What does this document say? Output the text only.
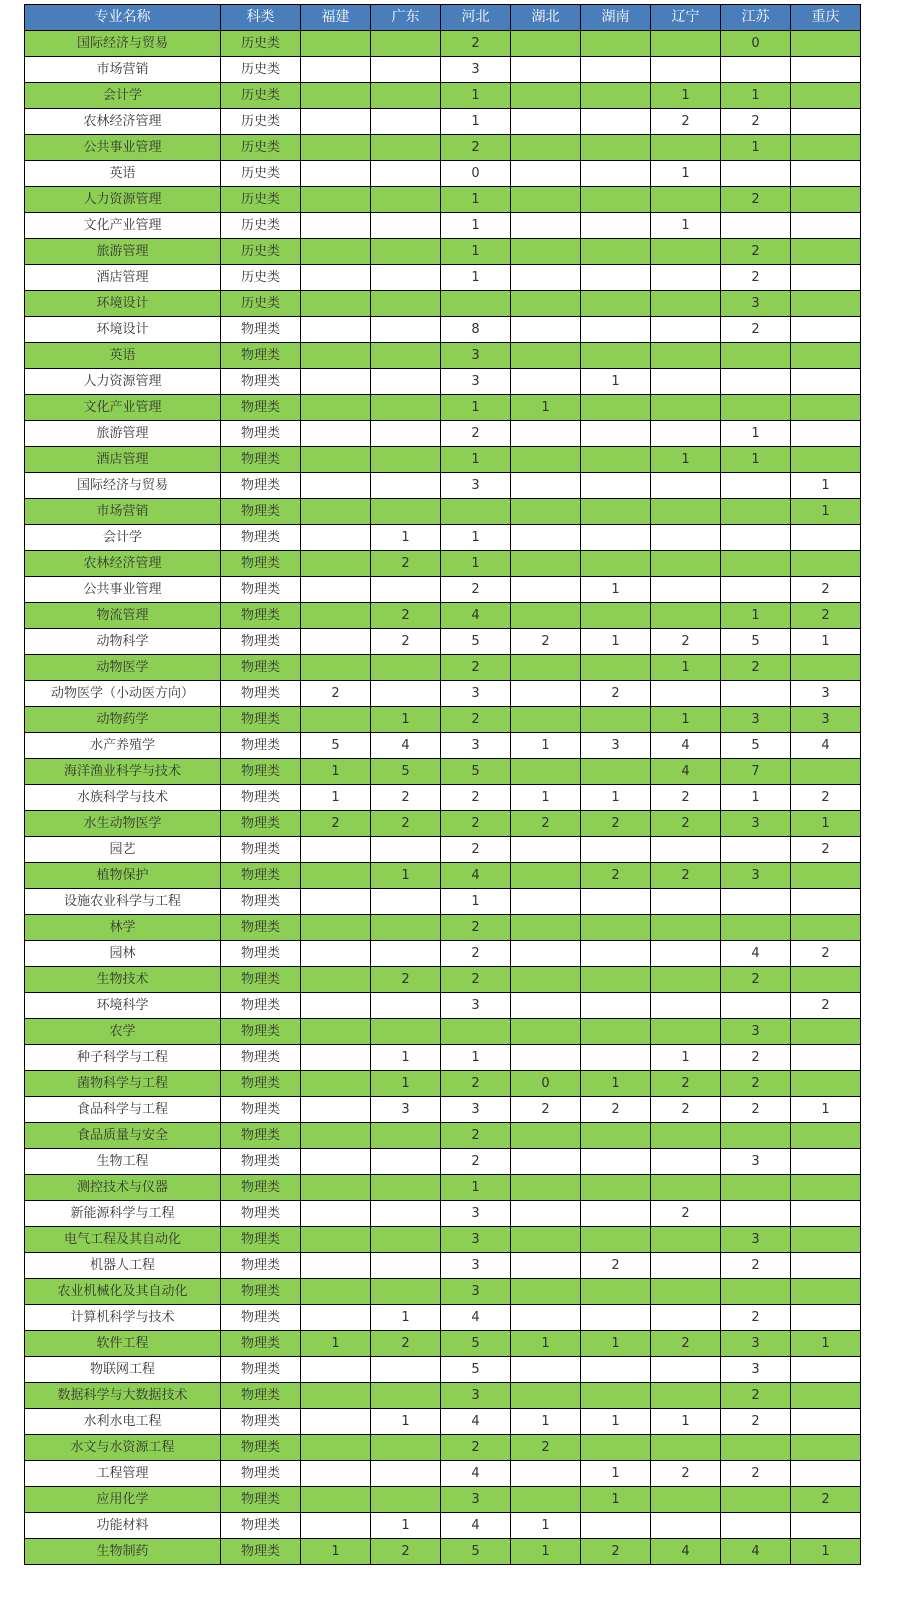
专业名称	科类	福建	广东	河北	湖北	湖南	辽宁	江苏	重庆
国际经济与贸易	历史类			2				0	
市场营销	历史类			3					
会计学	历史类			1			1	1	
农林经济管理	历史类			1			2	2	
公共事业管理	历史类			2				1	
英语	历史类			0			1		
人力资源管理	历史类			1				2	
文化产业管理	历史类			1			1		
旅游管理	历史类			1				2	
酒店管理	历史类			1				2	
环境设计	历史类							3	
环境设计	物理类			8				2	
英语	物理类			3					
人力资源管理	物理类			3		1			
文化产业管理	物理类			1	1				
旅游管理	物理类			2				1	
酒店管理	物理类			1			1	1	
国际经济与贸易	物理类			3					1
市场营销	物理类								1
会计学	物理类		1	1					
农林经济管理	物理类		2	1					
公共事业管理	物理类			2		1			2
物流管理	物理类		2	4				1	2
动物科学	物理类		2	5	2	1	2	5	1
动物医学	物理类			2			1	2	
动物医学（小动医方向）	物理类	2		3		2			3
动物药学	物理类		1	2			1	3	3
水产养殖学	物理类	5	4	3	1	3	4	5	4
海洋渔业科学与技术	物理类	1	5	5			4	7	
水族科学与技术	物理类	1	2	2	1	1	2	1	2
水生动物医学	物理类	2	2	2	2	2	2	3	1
园艺	物理类			2					2
植物保护	物理类		1	4		2	2	3	
设施农业科学与工程	物理类			1					
林学	物理类			2					
园林	物理类			2				4	2
生物技术	物理类		2	2				2	
环境科学	物理类			3					2
农学	物理类							3	
种子科学与工程	物理类		1	1			1	2	
菌物科学与工程	物理类		1	2	0	1	2	2	
食品科学与工程	物理类		3	3	2	2	2	2	1
食品质量与安全	物理类			2					
生物工程	物理类			2				3	
测控技术与仪器	物理类			1					
新能源科学与工程	物理类			3			2		
电气工程及其自动化	物理类			3				3	
机器人工程	物理类			3		2		2	
农业机械化及其自动化	物理类			3					
计算机科学与技术	物理类		1	4				2	
软件工程	物理类	1	2	5	1	1	2	3	1
物联网工程	物理类			5				3	
数据科学与大数据技术	物理类			3				2	
水利水电工程	物理类		1	4	1	1	1	2	
水文与水资源工程	物理类			2	2				
工程管理	物理类			4		1	2	2	
应用化学	物理类			3		1			2
功能材料	物理类		1	4	1				
生物制药	物理类	1	2	5	1	2	4	4	1
